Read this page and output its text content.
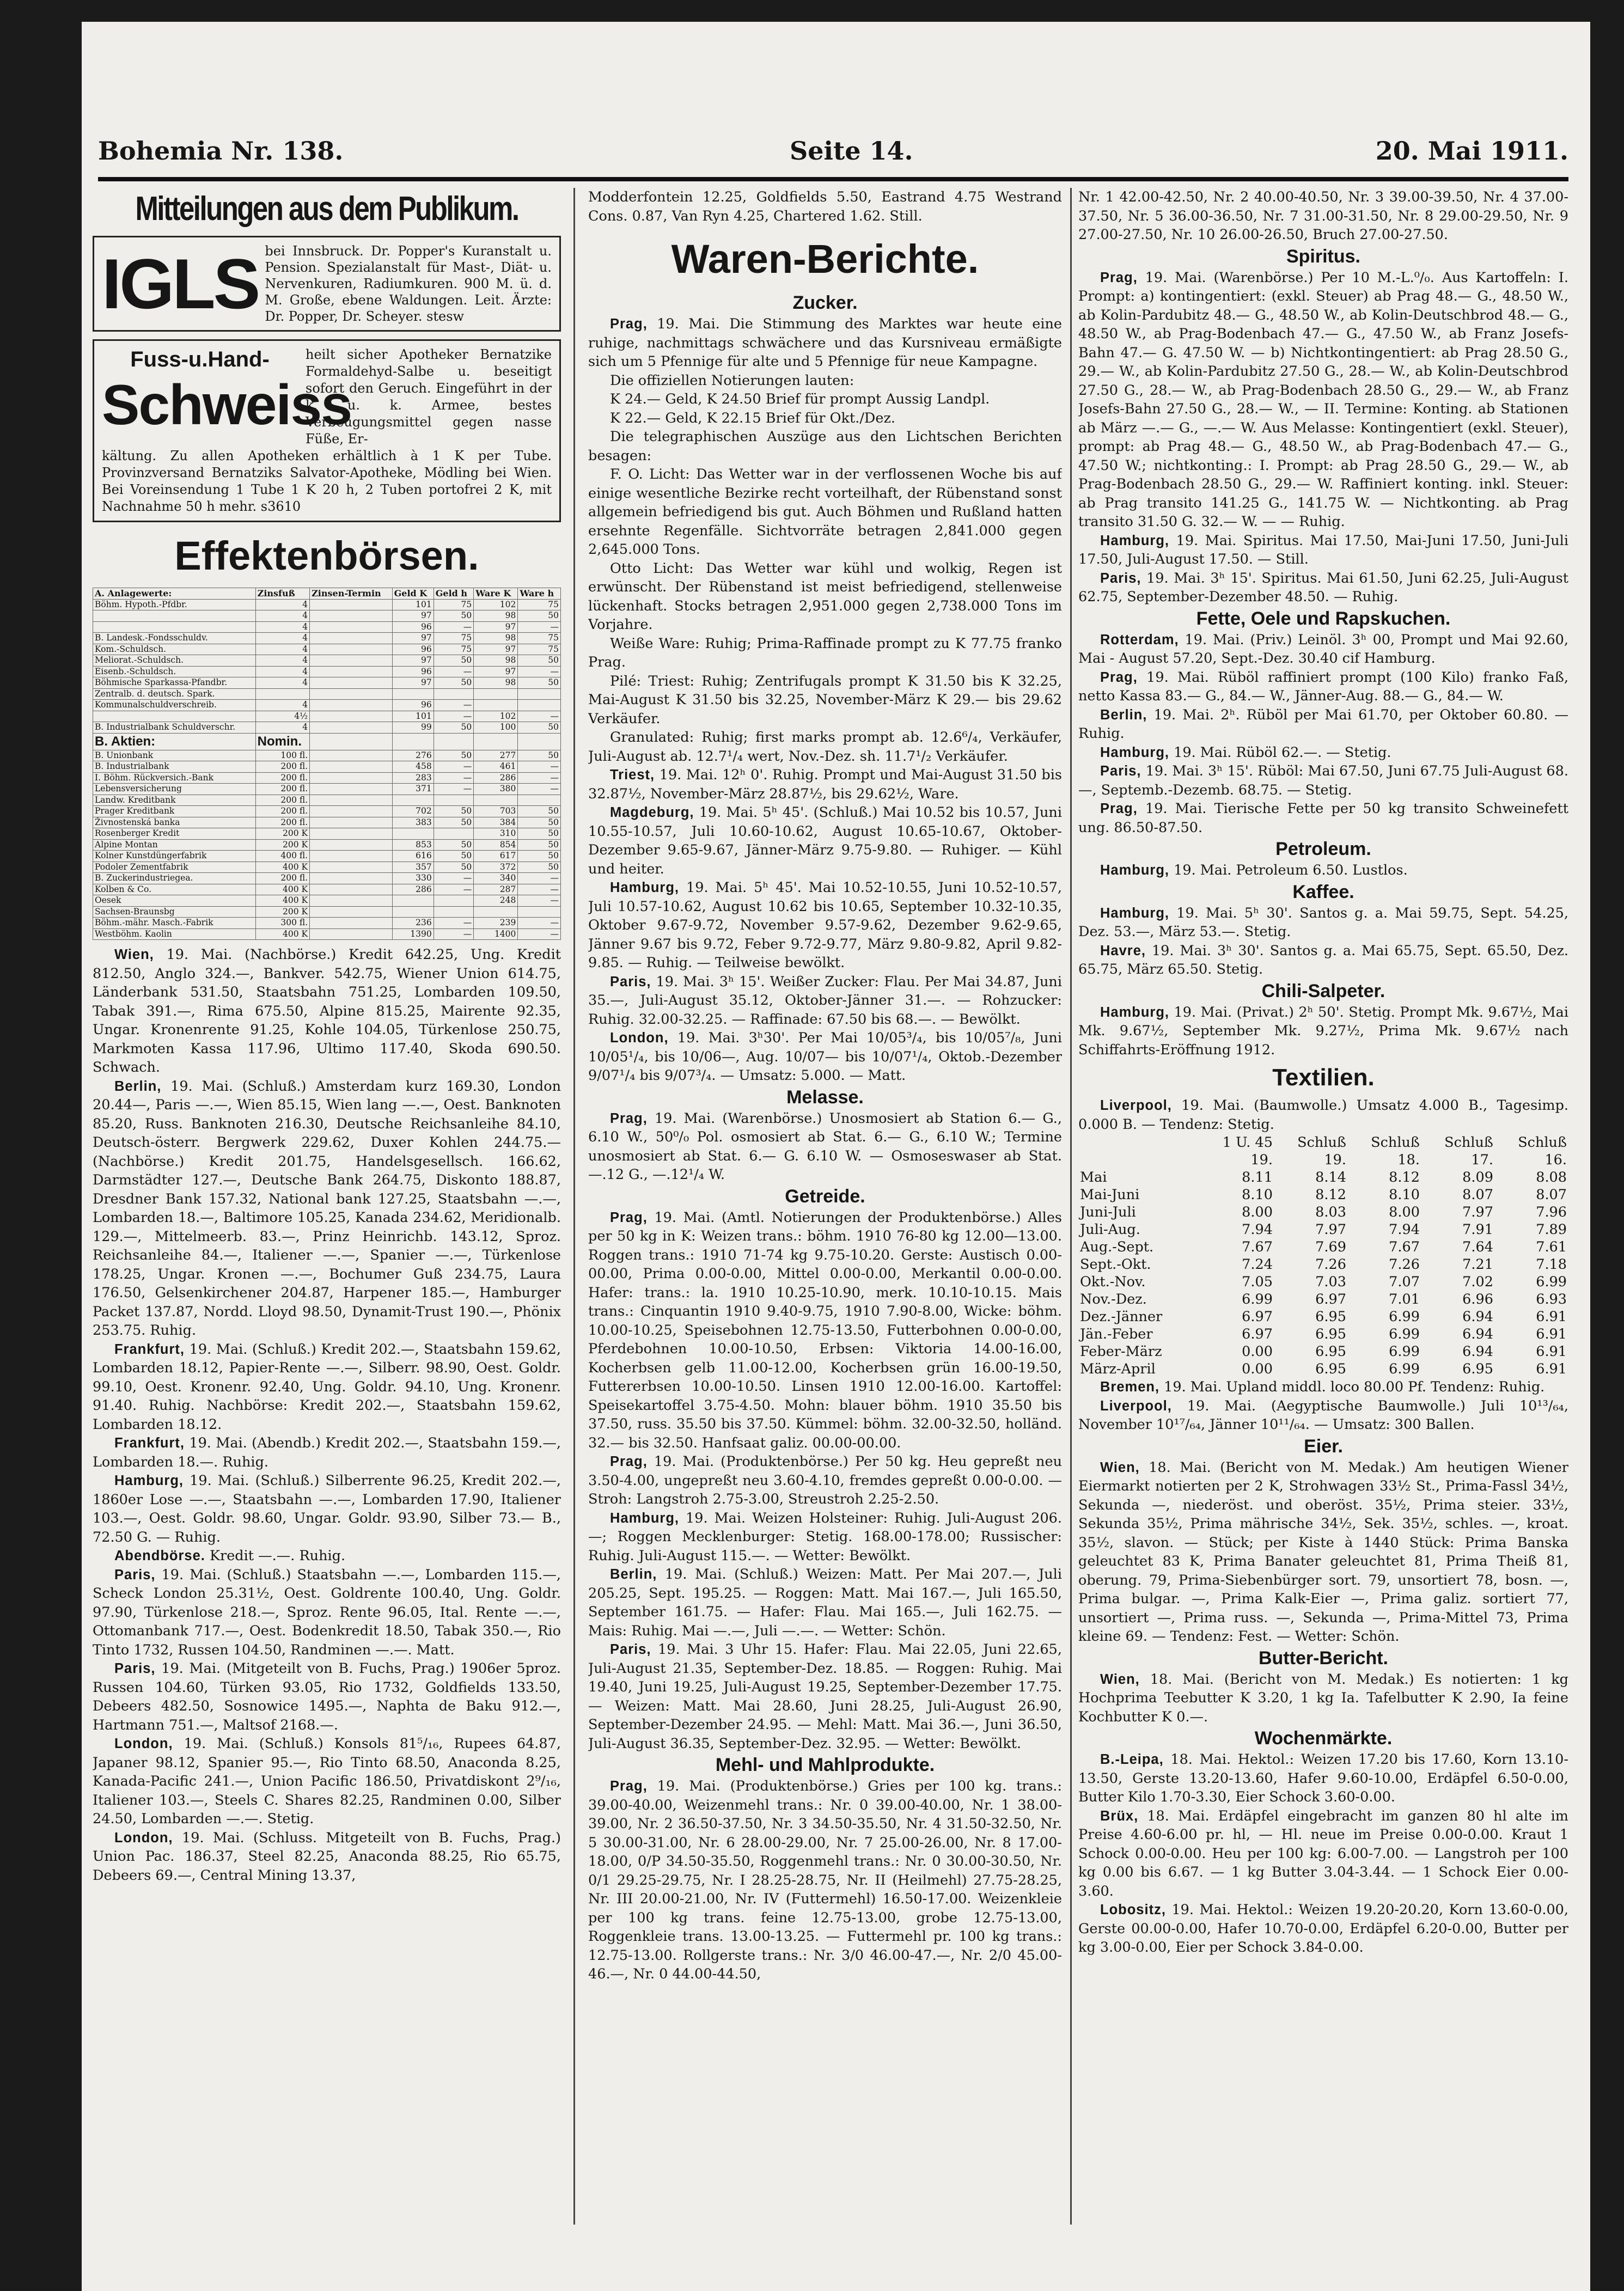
Bohemia Nr. 138.	Seite 14.	20. Mai 1911.
Mitteilungen aus dem Publikum.
IGLS bei Innsbruck. Dr. Popper's Kuranstalt u. Pension. Spezialanstalt für Mast-, Diät- u. Nervenkuren, Radiumkuren. 900 M. ü. d. M. Große, ebene Waldungen. Leit. Ärzte: Dr. Popper, Dr. Scheyer. stesw
Fuss-u.Hand-
Schweiss
heilt sicher Apotheker Bernatzike Formaldehyd-Salbe u. beseitigt sofort den Geruch. Eingeführt in der k. u. k. Armee, bestes Verbeugungsmittel gegen nasse Füße, Er-
kältung. Zu allen Apotheken erhältlich à 1 K per Tube. Provinzversand Bernatziks Salvator-Apotheke, Mödling bei Wien. Bei Voreinsendung 1 Tube 1 K 20 h, 2 Tuben portofrei 2 K, mit Nachnahme 50 h mehr. s3610
Effektenbörsen.
A. Anlagewerte:	Zinsfuß	Zinsen-Termin	Geld K	Geld h	Ware K	Ware h
Böhm. Hypoth.-Pfdbr.	4		101	75	102	75
	4		97	50	98	50
	4		96	—	97	—
B. Landesk.-Fondsschuldv.	4		97	75	98	75
Kom.-Schuldsch.	4		96	75	97	75
Meliorat.-Schuldsch.	4		97	50	98	50
Eisenb.-Schuldsch.	4		96	—	97	—
Böhmische Sparkassa-Pfandbr.	4		97	50	98	50
Zentralb. d. deutsch. Spark.						
Kommunalschuldverschreib.	4		96	—		
	4½		101	—	102	—
B. Industrialbank Schuldverschr.	4		99	50	100	50
B. Aktien:	Nomin.					
B. Unionbank	100 fl.		276	50	277	50
B. Industrialbank	200 fl.		458	—	461	—
I. Böhm. Rückversich.-Bank	200 fl.		283	—	286	—
Lebensversicherung	200 fl.		371	—	380	—
Landw. Kreditbank	200 fl.					
Prager Kreditbank	200 fl.		702	50	703	50
Živnostenská banka	200 fl.		383	50	384	50
Rosenberger Kredit	200 K				310	50
Alpine Montan	200 K		853	50	854	50
Kolner Kunstdüngerfabrik	400 fl.		616	50	617	50
Podoler Zementfabrik	400 K		357	50	372	50
B. Zuckerindustriegea.	200 fl.		330	—	340	—
Kolben & Co.	400 K		286	—	287	—
Oesek	400 K				248	—
Sachsen-Braunsbg	200 K					
Böhm.-mähr. Masch.-Fabrik	300 fl.		236	—	239	—
Westböhm. Kaolin	400 K		1390	—	1400	—

Wien, 19. Mai. (Nachbörse.) Kredit 642.25, Ung. Kredit 812.50, Anglo 324.—, Bankver. 542.75, Wiener Union 614.75, Länderbank 531.50, Staatsbahn 751.25, Lombarden 109.50, Tabak 391.—, Rima 675.50, Alpine 815.25, Mairente 92.35, Ungar. Kronenrente 91.25, Kohle 104.05, Türkenlose 250.75, Markmoten Kassa 117.96, Ultimo 117.40, Skoda 690.50. Schwach.

Berlin, 19. Mai. (Schluß.) Amsterdam kurz 169.30, London 20.44—, Paris —.—, Wien 85.15, Wien lang —.—, Oest. Banknoten 85.20, Russ. Banknoten 216.30, Deutsche Reichsanleihe 84.10, Deutsch-österr. Bergwerk 229.62, Duxer Kohlen 244.75.—(Nachbörse.) Kredit 201.75, Handelsgesellsch. 166.62, Darmstädter 127.—, Deutsche Bank 264.75, Diskonto 188.87, Dresdner Bank 157.32, National bank 127.25, Staatsbahn —.—, Lombarden 18.—, Baltimore 105.25, Kanada 234.62, Meridionalb. 129.—, Mittelmeerb. 83.—, Prinz Heinrichb. 143.12, Sproz. Reichsanleihe 84.—, Italiener —.—, Spanier —.—, Türkenlose 178.25, Ungar. Kronen —.—, Bochumer Guß 234.75, Laura 176.50, Gelsenkirchener 204.87, Harpener 185.—, Hamburger Packet 137.87, Nordd. Lloyd 98.50, Dynamit-Trust 190.—, Phönix 253.75. Ruhig.

Frankfurt, 19. Mai. (Schluß.) Kredit 202.—, Staatsbahn 159.62, Lombarden 18.12, Papier-Rente —.—, Silberr. 98.90, Oest. Goldr. 99.10, Oest. Kronenr. 92.40, Ung. Goldr. 94.10, Ung. Kronenr. 91.40. Ruhig. Nachbörse: Kredit 202.—, Staatsbahn 159.62, Lombarden 18.12.

Frankfurt, 19. Mai. (Abendb.) Kredit 202.—, Staatsbahn 159.—, Lombarden 18.—. Ruhig.

Hamburg, 19. Mai. (Schluß.) Silberrente 96.25, Kredit 202.—, 1860er Lose —.—, Staatsbahn —.—, Lombarden 17.90, Italiener 103.—, Oest. Goldr. 98.60, Ungar. Goldr. 93.90, Silber 73.— B., 72.50 G. — Ruhig.

Abendbörse. Kredit —.—. Ruhig.

Paris, 19. Mai. (Schluß.) Staatsbahn —.—, Lombarden 115.—, Scheck London 25.31½, Oest. Goldrente 100.40, Ung. Goldr. 97.90, Türkenlose 218.—, Sproz. Rente 96.05, Ital. Rente —.—, Ottomanbank 717.—, Oest. Bodenkredit 18.50, Tabak 350.—, Rio Tinto 1732, Russen 104.50, Randminen —.—. Matt.

Paris, 19. Mai. (Mitgeteilt von B. Fuchs, Prag.) 1906er 5proz. Russen 104.60, Türken 93.05, Rio 1732, Goldfields 133.50, Debeers 482.50, Sosnowice 1495.—, Naphta de Baku 912.—, Hartmann 751.—, Maltsof 2168.—.

London, 19. Mai. (Schluß.) Konsols 81⁵/₁₆, Rupees 64.87, Japaner 98.12, Spanier 95.—, Rio Tinto 68.50, Anaconda 8.25, Kanada-Pacific 241.—, Union Pacific 186.50, Privatdiskont 2⁹/₁₆, Italiener 103.—, Steels C. Shares 82.25, Randminen 0.00, Silber 24.50, Lombarden —.—. Stetig.

London, 19. Mai. (Schluss. Mitgeteilt von B. Fuchs, Prag.) Union Pac. 186.37, Steel 82.25, Anaconda 88.25, Rio 65.75, Debeers 69.—, Central Mining 13.37,

Modderfontein 12.25, Goldfields 5.50, Eastrand 4.75 Westrand Cons. 0.87, Van Ryn 4.25, Chartered 1.62. Still.

Waren-Berichte.
Zucker.

Prag, 19. Mai. Die Stimmung des Marktes war heute eine ruhige, nachmittags schwächere und das Kursniveau ermäßigte sich um 5 Pfennige für alte und 5 Pfennige für neue Kampagne.

Die offiziellen Notierungen lauten:

K 24.— Geld, K 24.50 Brief für prompt Aussig Landpl.

K 22.— Geld, K 22.15 Brief für Okt./Dez.

Die telegraphischen Auszüge aus den Lichtschen Berichten besagen:

F. O. Licht: Das Wetter war in der verflossenen Woche bis auf einige wesentliche Bezirke recht vorteilhaft, der Rübenstand sonst allgemein befriedigend bis gut. Auch Böhmen und Rußland hatten ersehnte Regenfälle. Sichtvorräte betragen 2,841.000 gegen 2,645.000 Tons.

Otto Licht: Das Wetter war kühl und wolkig, Regen ist erwünscht. Der Rübenstand ist meist befriedigend, stellenweise lückenhaft. Stocks betragen 2,951.000 gegen 2,738.000 Tons im Vorjahre.

Weiße Ware: Ruhig; Prima-Raffinade prompt zu K 77.75 franko Prag.

Pilé: Triest: Ruhig; Zentrifugals prompt K 31.50 bis K 32.25, Mai-August K 31.50 bis 32.25, November-März K 29.— bis 29.62 Verkäufer.

Granulated: Ruhig; first marks prompt ab. 12.6⁶/₄, Verkäufer, Juli-August ab. 12.7¹/₄ wert, Nov.-Dez. sh. 11.7¹/₂ Verkäufer.

Triest, 19. Mai. 12ʰ 0'. Ruhig. Prompt und Mai-August 31.50 bis 32.87½, November-März 28.87½, bis 29.62½, Ware.

Magdeburg, 19. Mai. 5ʰ 45'. (Schluß.) Mai 10.52 bis 10.57, Juni 10.55-10.57, Juli 10.60-10.62, August 10.65-10.67, Oktober-Dezember 9.65-9.67, Jänner-März 9.75-9.80. — Ruhiger. — Kühl und heiter.

Hamburg, 19. Mai. 5ʰ 45'. Mai 10.52-10.55, Juni 10.52-10.57, Juli 10.57-10.62, August 10.62 bis 10.65, September 10.32-10.35, Oktober 9.67-9.72, November 9.57-9.62, Dezember 9.62-9.65, Jänner 9.67 bis 9.72, Feber 9.72-9.77, März 9.80-9.82, April 9.82-9.85. — Ruhig. — Teilweise bewölkt.

Paris, 19. Mai. 3ʰ 15'. Weißer Zucker: Flau. Per Mai 34.87, Juni 35.—, Juli-August 35.12, Oktober-Jänner 31.—. — Rohzucker: Ruhig. 32.00-32.25. — Raffinade: 67.50 bis 68.—. — Bewölkt.

London, 19. Mai. 3ʰ30'. Per Mai 10/05³/₄, bis 10/05⁷/₈, Juni 10/05¹/₄, bis 10/06—, Aug. 10/07— bis 10/07¹/₄, Oktob.-Dezember 9/07¹/₄ bis 9/07³/₄. — Umsatz: 5.000. — Matt.

Melasse.

Prag, 19. Mai. (Warenbörse.) Unosmosiert ab Station 6.— G., 6.10 W., 50⁰/₀ Pol. osmosiert ab Stat. 6.— G., 6.10 W.; Termine unosmosiert ab Stat. 6.— G. 6.10 W. — Osmoseswaser ab Stat. —.12 G., —.12¹/₄ W.

Getreide.

Prag, 19. Mai. (Amtl. Notierungen der Produktenbörse.) Alles per 50 kg in K: Weizen trans.: böhm. 1910 76-80 kg 12.00—13.00. Roggen trans.: 1910 71-74 kg 9.75-10.20. Gerste: Austisch 0.00-00.00, Prima 0.00-0.00, Mittel 0.00-0.00, Merkantil 0.00-0.00. Hafer: trans.: la. 1910 10.25-10.90, merk. 10.10-10.15. Mais trans.: Cinquantin 1910 9.40-9.75, 1910 7.90-8.00, Wicke: böhm. 10.00-10.25, Speisebohnen 12.75-13.50, Futterbohnen 0.00-0.00, Pferdebohnen 10.00-10.50, Erbsen: Viktoria 14.00-16.00, Kocherbsen gelb 11.00-12.00, Kocherbsen grün 16.00-19.50, Futtererbsen 10.00-10.50. Linsen 1910 12.00-16.00. Kartoffel: Speisekartoffel 3.75-4.50. Mohn: blauer böhm. 1910 35.50 bis 37.50, russ. 35.50 bis 37.50. Kümmel: böhm. 32.00-32.50, holländ. 32.— bis 32.50. Hanfsaat galiz. 00.00-00.00.

Prag, 19. Mai. (Produktenbörse.) Per 50 kg. Heu gepreßt neu 3.50-4.00, ungepreßt neu 3.60-4.10, fremdes gepreßt 0.00-0.00. — Stroh: Langstroh 2.75-3.00, Streustroh 2.25-2.50.

Hamburg, 19. Mai. Weizen Holsteiner: Ruhig. Juli-August 206.—; Roggen Mecklenburger: Stetig. 168.00-178.00; Russischer: Ruhig. Juli-August 115.—. — Wetter: Bewölkt.

Berlin, 19. Mai. (Schluß.) Weizen: Matt. Per Mai 207.—, Juli 205.25, Sept. 195.25. — Roggen: Matt. Mai 167.—, Juli 165.50, September 161.75. — Hafer: Flau. Mai 165.—, Juli 162.75. — Mais: Ruhig. Mai —.—, Juli —.—. — Wetter: Schön.

Paris, 19. Mai. 3 Uhr 15. Hafer: Flau. Mai 22.05, Juni 22.65, Juli-August 21.35, September-Dez. 18.85. — Roggen: Ruhig. Mai 19.40, Juni 19.25, Juli-August 19.25, September-Dezember 17.75. — Weizen: Matt. Mai 28.60, Juni 28.25, Juli-August 26.90, September-Dezember 24.95. — Mehl: Matt. Mai 36.—, Juni 36.50, Juli-August 36.35, September-Dez. 32.95. — Wetter: Bewölkt.

Mehl- und Mahlprodukte.

Prag, 19. Mai. (Produktenbörse.) Gries per 100 kg. trans.: 39.00-40.00, Weizenmehl trans.: Nr. 0 39.00-40.00, Nr. 1 38.00-39.00, Nr. 2 36.50-37.50, Nr. 3 34.50-35.50, Nr. 4 31.50-32.50, Nr. 5 30.00-31.00, Nr. 6 28.00-29.00, Nr. 7 25.00-26.00, Nr. 8 17.00-18.00, 0/P 34.50-35.50, Roggenmehl trans.: Nr. 0 30.00-30.50, Nr. 0/1 29.25-29.75, Nr. I 28.25-28.75, Nr. II (Heilmehl) 27.75-28.25, Nr. III 20.00-21.00, Nr. IV (Futtermehl) 16.50-17.00. Weizenkleie per 100 kg trans. feine 12.75-13.00, grobe 12.75-13.00, Roggenkleie trans. 13.00-13.25. — Futtermehl pr. 100 kg trans.: 12.75-13.00. Rollgerste trans.: Nr. 3/0 46.00-47.—, Nr. 2/0 45.00-46.—, Nr. 0 44.00-44.50,

Nr. 1 42.00-42.50, Nr. 2 40.00-40.50, Nr. 3 39.00-39.50, Nr. 4 37.00-37.50, Nr. 5 36.00-36.50, Nr. 7 31.00-31.50, Nr. 8 29.00-29.50, Nr. 9 27.00-27.50, Nr. 10 26.00-26.50, Bruch 27.00-27.50.

Spiritus.

Prag, 19. Mai. (Warenbörse.) Per 10 M.-L.⁰/₀. Aus Kartoffeln: I. Prompt: a) kontingentiert: (exkl. Steuer) ab Prag 48.— G., 48.50 W., ab Kolin-Pardubitz 48.— G., 48.50 W., ab Kolin-Deutschbrod 48.— G., 48.50 W., ab Prag-Bodenbach 47.— G., 47.50 W., ab Franz Josefs-Bahn 47.— G. 47.50 W. — b) Nichtkontingentiert: ab Prag 28.50 G., 29.— W., ab Kolin-Pardubitz 27.50 G., 28.— W., ab Kolin-Deutschbrod 27.50 G., 28.— W., ab Prag-Bodenbach 28.50 G., 29.— W., ab Franz Josefs-Bahn 27.50 G., 28.— W., — II. Termine: Konting. ab Stationen ab März —.— G., —.— W. Aus Melasse: Kontingentiert (exkl. Steuer), prompt: ab Prag 48.— G., 48.50 W., ab Prag-Bodenbach 47.— G., 47.50 W.; nichtkonting.: I. Prompt: ab Prag 28.50 G., 29.— W., ab Prag-Bodenbach 28.50 G., 29.— W. Raffiniert konting. inkl. Steuer: ab Prag transito 141.25 G., 141.75 W. — Nichtkonting. ab Prag transito 31.50 G. 32.— W. — — Ruhig.

Hamburg, 19. Mai. Spiritus. Mai 17.50, Mai-Juni 17.50, Juni-Juli 17.50, Juli-August 17.50. — Still.

Paris, 19. Mai. 3ʰ 15'. Spiritus. Mai 61.50, Juni 62.25, Juli-August 62.75, September-Dezember 48.50. — Ruhig.

Fette, Oele und Rapskuchen.

Rotterdam, 19. Mai. (Priv.) Leinöl. 3ʰ 00, Prompt und Mai 92.60, Mai - August 57.20, Sept.-Dez. 30.40 cif Hamburg.

Prag, 19. Mai. Rüböl raffiniert prompt (100 Kilo) franko Faß, netto Kassa 83.— G., 84.— W., Jänner-Aug. 88.— G., 84.— W.

Berlin, 19. Mai. 2ʰ. Rüböl per Mai 61.70, per Oktober 60.80. — Ruhig.

Hamburg, 19. Mai. Rüböl 62.—. — Stetig.

Paris, 19. Mai. 3ʰ 15'. Rüböl: Mai 67.50, Juni 67.75 Juli-August 68.—, Septemb.-Dezemb. 68.75. — Stetig.

Prag, 19. Mai. Tierische Fette per 50 kg transito Schweinefett ung. 86.50-87.50.

Petroleum.

Hamburg, 19. Mai. Petroleum 6.50. Lustlos.

Kaffee.

Hamburg, 19. Mai. 5ʰ 30'. Santos g. a. Mai 59.75, Sept. 54.25, Dez. 53.—, März 53.—. Stetig.

Havre, 19. Mai. 3ʰ 30'. Santos g. a. Mai 65.75, Sept. 65.50, Dez. 65.75, März 65.50. Stetig.

Chili-Salpeter.

Hamburg, 19. Mai. (Privat.) 2ʰ 50'. Stetig. Prompt Mk. 9.67½, Mai Mk. 9.67½, September Mk. 9.27½, Prima Mk. 9.67½ nach Schiffahrts-Eröffnung 1912.

Textilien.

Liverpool, 19. Mai. (Baumwolle.) Umsatz 4.000 B., Tagesimp. 0.000 B. — Tendenz: Stetig.

	1 U. 45	Schluß	Schluß	Schluß	Schluß
	19.	19.	18.	17.	16.
Mai	8.11	8.14	8.12	8.09	8.08
Mai-Juni	8.10	8.12	8.10	8.07	8.07
Juni-Juli	8.00	8.03	8.00	7.97	7.96
Juli-Aug.	7.94	7.97	7.94	7.91	7.89
Aug.-Sept.	7.67	7.69	7.67	7.64	7.61
Sept.-Okt.	7.24	7.26	7.26	7.21	7.18
Okt.-Nov.	7.05	7.03	7.07	7.02	6.99
Nov.-Dez.	6.99	6.97	7.01	6.96	6.93
Dez.-Jänner	6.97	6.95	6.99	6.94	6.91
Jän.-Feber	6.97	6.95	6.99	6.94	6.91
Feber-März	0.00	6.95	6.99	6.94	6.91
März-April	0.00	6.95	6.99	6.95	6.91

Bremen, 19. Mai. Upland middl. loco 80.00 Pf. Tendenz: Ruhig.

Liverpool, 19. Mai. (Aegyptische Baumwolle.) Juli 10¹³/₆₄, November 10¹⁷/₆₄, Jänner 10¹¹/₆₄. — Umsatz: 300 Ballen.

Eier.

Wien, 18. Mai. (Bericht von M. Medak.) Am heutigen Wiener Eiermarkt notierten per 2 K, Strohwagen 33½ St., Prima-Fassl 34½, Sekunda —, niederöst. und oberöst. 35½, Prima steier. 33½, Sekunda 35½, Prima mährische 34½, Sek. 35½, schles. —, kroat. 35½, slavon. — Stück; per Kiste à 1440 Stück: Prima Banska geleuchtet 83 K, Prima Banater geleuchtet 81, Prima Theiß 81, oberung. 79, Prima-Siebenbürger sort. 79, unsortiert 78, bosn. —, Prima bulgar. —, Prima Kalk-Eier —, Prima galiz. sortiert 77, unsortiert —, Prima russ. —, Sekunda —, Prima-Mittel 73, Prima kleine 69. — Tendenz: Fest. — Wetter: Schön.

Butter-Bericht.

Wien, 18. Mai. (Bericht von M. Medak.) Es notierten: 1 kg Hochprima Teebutter K 3.20, 1 kg Ia. Tafelbutter K 2.90, Ia feine Kochbutter K 0.—.

Wochenmärkte.

B.-Leipa, 18. Mai. Hektol.: Weizen 17.20 bis 17.60, Korn 13.10-13.50, Gerste 13.20-13.60, Hafer 9.60-10.00, Erdäpfel 6.50-0.00, Butter Kilo 1.70-3.30, Eier Schock 3.60-0.00.

Brüx, 18. Mai. Erdäpfel eingebracht im ganzen 80 hl alte im Preise 4.60-6.00 pr. hl, — Hl. neue im Preise 0.00-0.00. Kraut 1 Schock 0.00-0.00. Heu per 100 kg: 6.00-7.00. — Langstroh per 100 kg 0.00 bis 6.67. — 1 kg Butter 3.04-3.44. — 1 Schock Eier 0.00-3.60.

Lobositz, 19. Mai. Hektol.: Weizen 19.20-20.20, Korn 13.60-0.00, Gerste 00.00-0.00, Hafer 10.70-0.00, Erdäpfel 6.20-0.00, Butter per kg 3.00-0.00, Eier per Schock 3.84-0.00.
